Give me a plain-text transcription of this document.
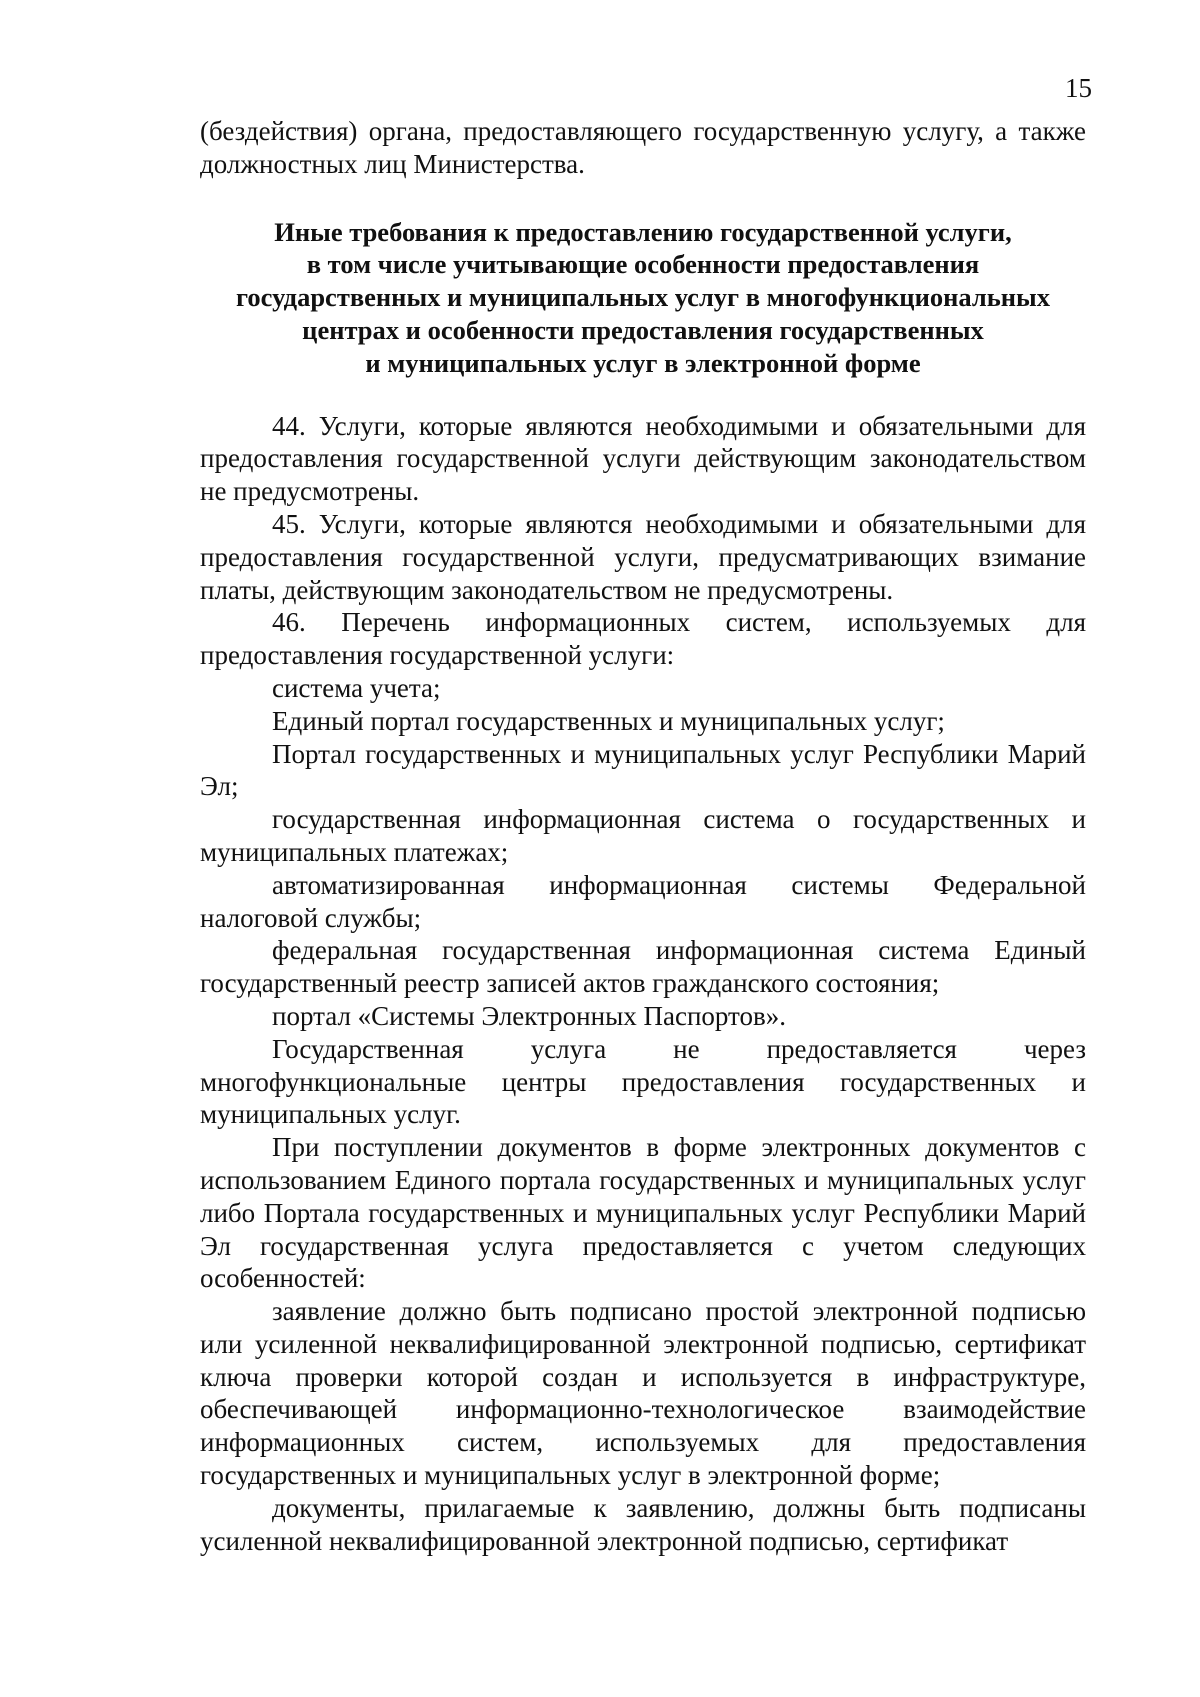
15

(бездействия) органа, предоставляющего государственную услугу, а также должностных лиц Министерства.

Иные требования к предоставлению государственной услуги,
в том числе учитывающие особенности предоставления
государственных и муниципальных услуг в многофункциональных
центрах и особенности предоставления государственных
и муниципальных услуг в электронной форме

44. Услуги, которые являются необходимыми и обязательными для предоставления государственной услуги действующим законодательством не предусмотрены.

45. Услуги, которые являются необходимыми и обязательными для предоставления государственной услуги, предусматривающих взимание платы, действующим законодательством не предусмотрены.

46. Перечень информационных систем, используемых для предоставления государственной услуги:

система учета;

Единый портал государственных и муниципальных услуг;

Портал государственных и муниципальных услуг Республики Марий Эл;

государственная информационная система о государственных и муниципальных платежах;

автоматизированная информационная системы Федеральной налоговой службы;

федеральная государственная информационная система Единый государственный реестр записей актов гражданского состояния;

портал «Системы Электронных Паспортов».

Государственная услуга не предоставляется через многофункциональные центры предоставления государственных и муниципальных услуг.

При поступлении документов в форме электронных документов с использованием Единого портала государственных и муниципальных услуг либо Портала государственных и муниципальных услуг Республики Марий Эл государственная услуга предоставляется с учетом следующих особенностей:

заявление должно быть подписано простой электронной подписью или усиленной неквалифицированной электронной подписью, сертификат ключа проверки которой создан и используется в инфраструктуре, обеспечивающей информационно-технологическое взаимодействие информационных систем, используемых для предоставления государственных и муниципальных услуг в электронной форме;

документы, прилагаемые к заявлению, должны быть подписаны усиленной неквалифицированной электронной подписью, сертификат
